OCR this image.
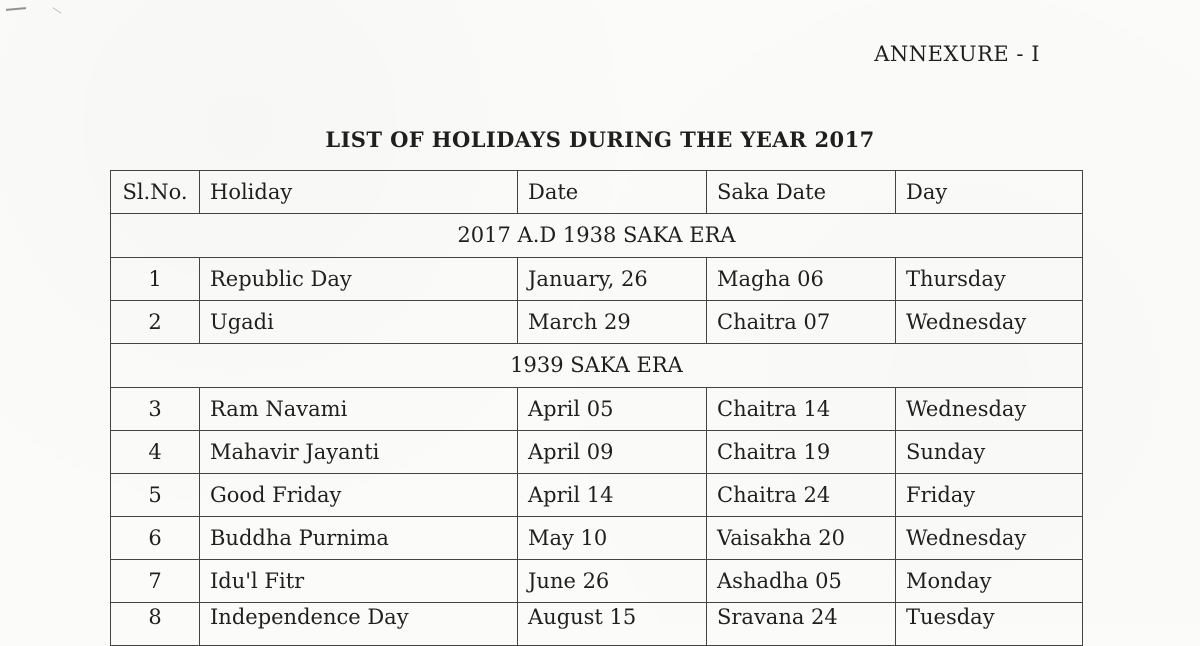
ANNEXURE - I
LIST OF HOLIDAYS DURING THE YEAR 2017
Sl.No.	Holiday	Date	Saka Date	Day
2017 A.D 1938 SAKA ERA				
1	Republic Day	January, 26	Magha 06	Thursday
2	Ugadi	March 29	Chaitra 07	Wednesday
1939 SAKA ERA				
3	Ram Navami	April 05	Chaitra 14	Wednesday
4	Mahavir Jayanti	April 09	Chaitra 19	Sunday
5	Good Friday	April 14	Chaitra 24	Friday
6	Buddha Purnima	May 10	Vaisakha 20	Wednesday
7	Idu'l Fitr	June 26	Ashadha 05	Monday
8	Independence Day	August 15	Sravana 24	Tuesday
